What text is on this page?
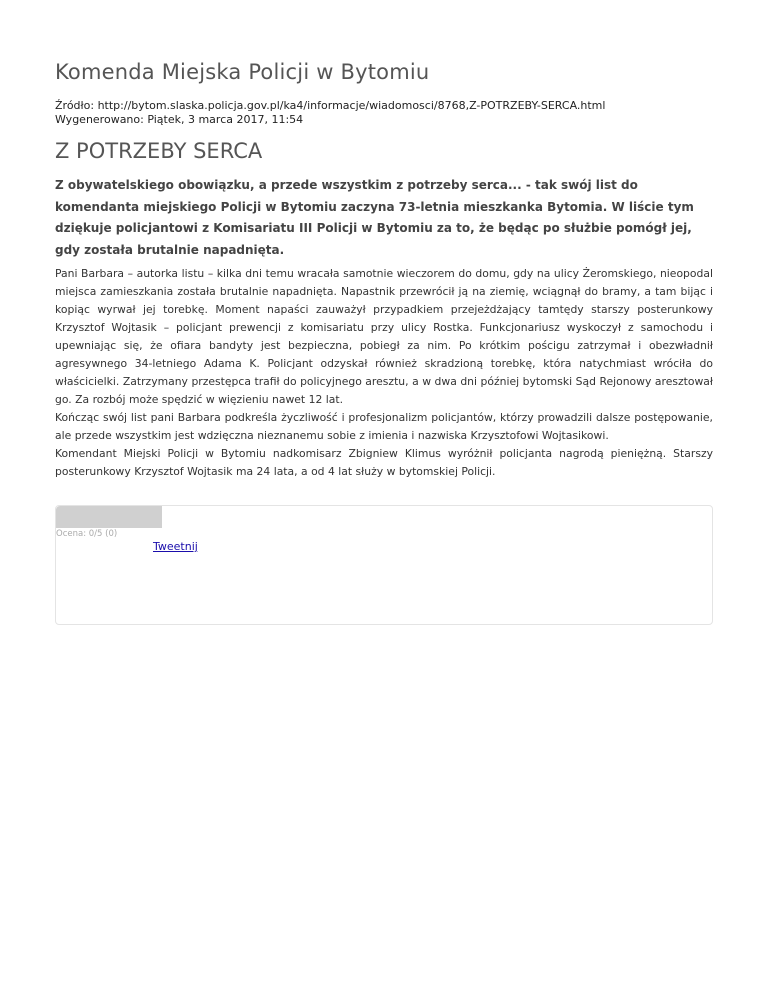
Komenda Miejska Policji w Bytomiu
Źródło: http://bytom.slaska.policja.gov.pl/ka4/informacje/wiadomosci/8768,Z-POTRZEBY-SERCA.html
Wygenerowano: Piątek, 3 marca 2017, 11:54
Z POTRZEBY SERCA

Z obywatelskiego obowiązku, a przede wszystkim z potrzeby serca... - tak swój list do komendanta miejskiego Policji w Bytomiu zaczyna 73-letnia mieszkanka Bytomia. W liście tym dziękuje policjantowi z Komisariatu III Policji w Bytomiu za to, że będąc po służbie pomógł jej, gdy została brutalnie napadnięta.

Pani Barbara – autorka listu – kilka dni temu wracała samotnie wieczorem do domu, gdy na ulicy Żeromskiego, nieopodal miejsca zamieszkania została brutalnie napadnięta. Napastnik przewrócił ją na ziemię, wciągnął do bramy, a tam bijąc i kopiąc wyrwał jej torebkę. Moment napaści zauważył przypadkiem przejeżdżający tamtędy starszy posterunkowy Krzysztof Wojtasik – policjant prewencji z komisariatu przy ulicy Rostka. Funkcjonariusz wyskoczył z samochodu i upewniając się, że ofiara bandyty jest bezpieczna, pobiegł za nim. Po krótkim pościgu zatrzymał i obezwładnił agresywnego 34-letniego Adama K. Policjant odzyskał również skradzioną torebkę, która natychmiast wróciła do właścicielki. Zatrzymany przestępca trafił do policyjnego aresztu, a w dwa dni później bytomski Sąd Rejonowy aresztował go. Za rozbój może spędzić w więzieniu nawet 12 lat.

Kończąc swój list pani Barbara podkreśla życzliwość i profesjonalizm policjantów, którzy prowadzili dalsze postępowanie, ale przede wszystkim jest wdzięczna nieznanemu sobie z imienia i nazwiska Krzysztofowi Wojtasikowi.

Komendant Miejski Policji w Bytomiu nadkomisarz Zbigniew Klimus wyróżnił policjanta nagrodą pieniężną. Starszy posterunkowy Krzysztof Wojtasik ma 24 lata, a od 4 lat służy w bytomskiej Policji.

Ocena: 0/5 (0)
Tweetnij
